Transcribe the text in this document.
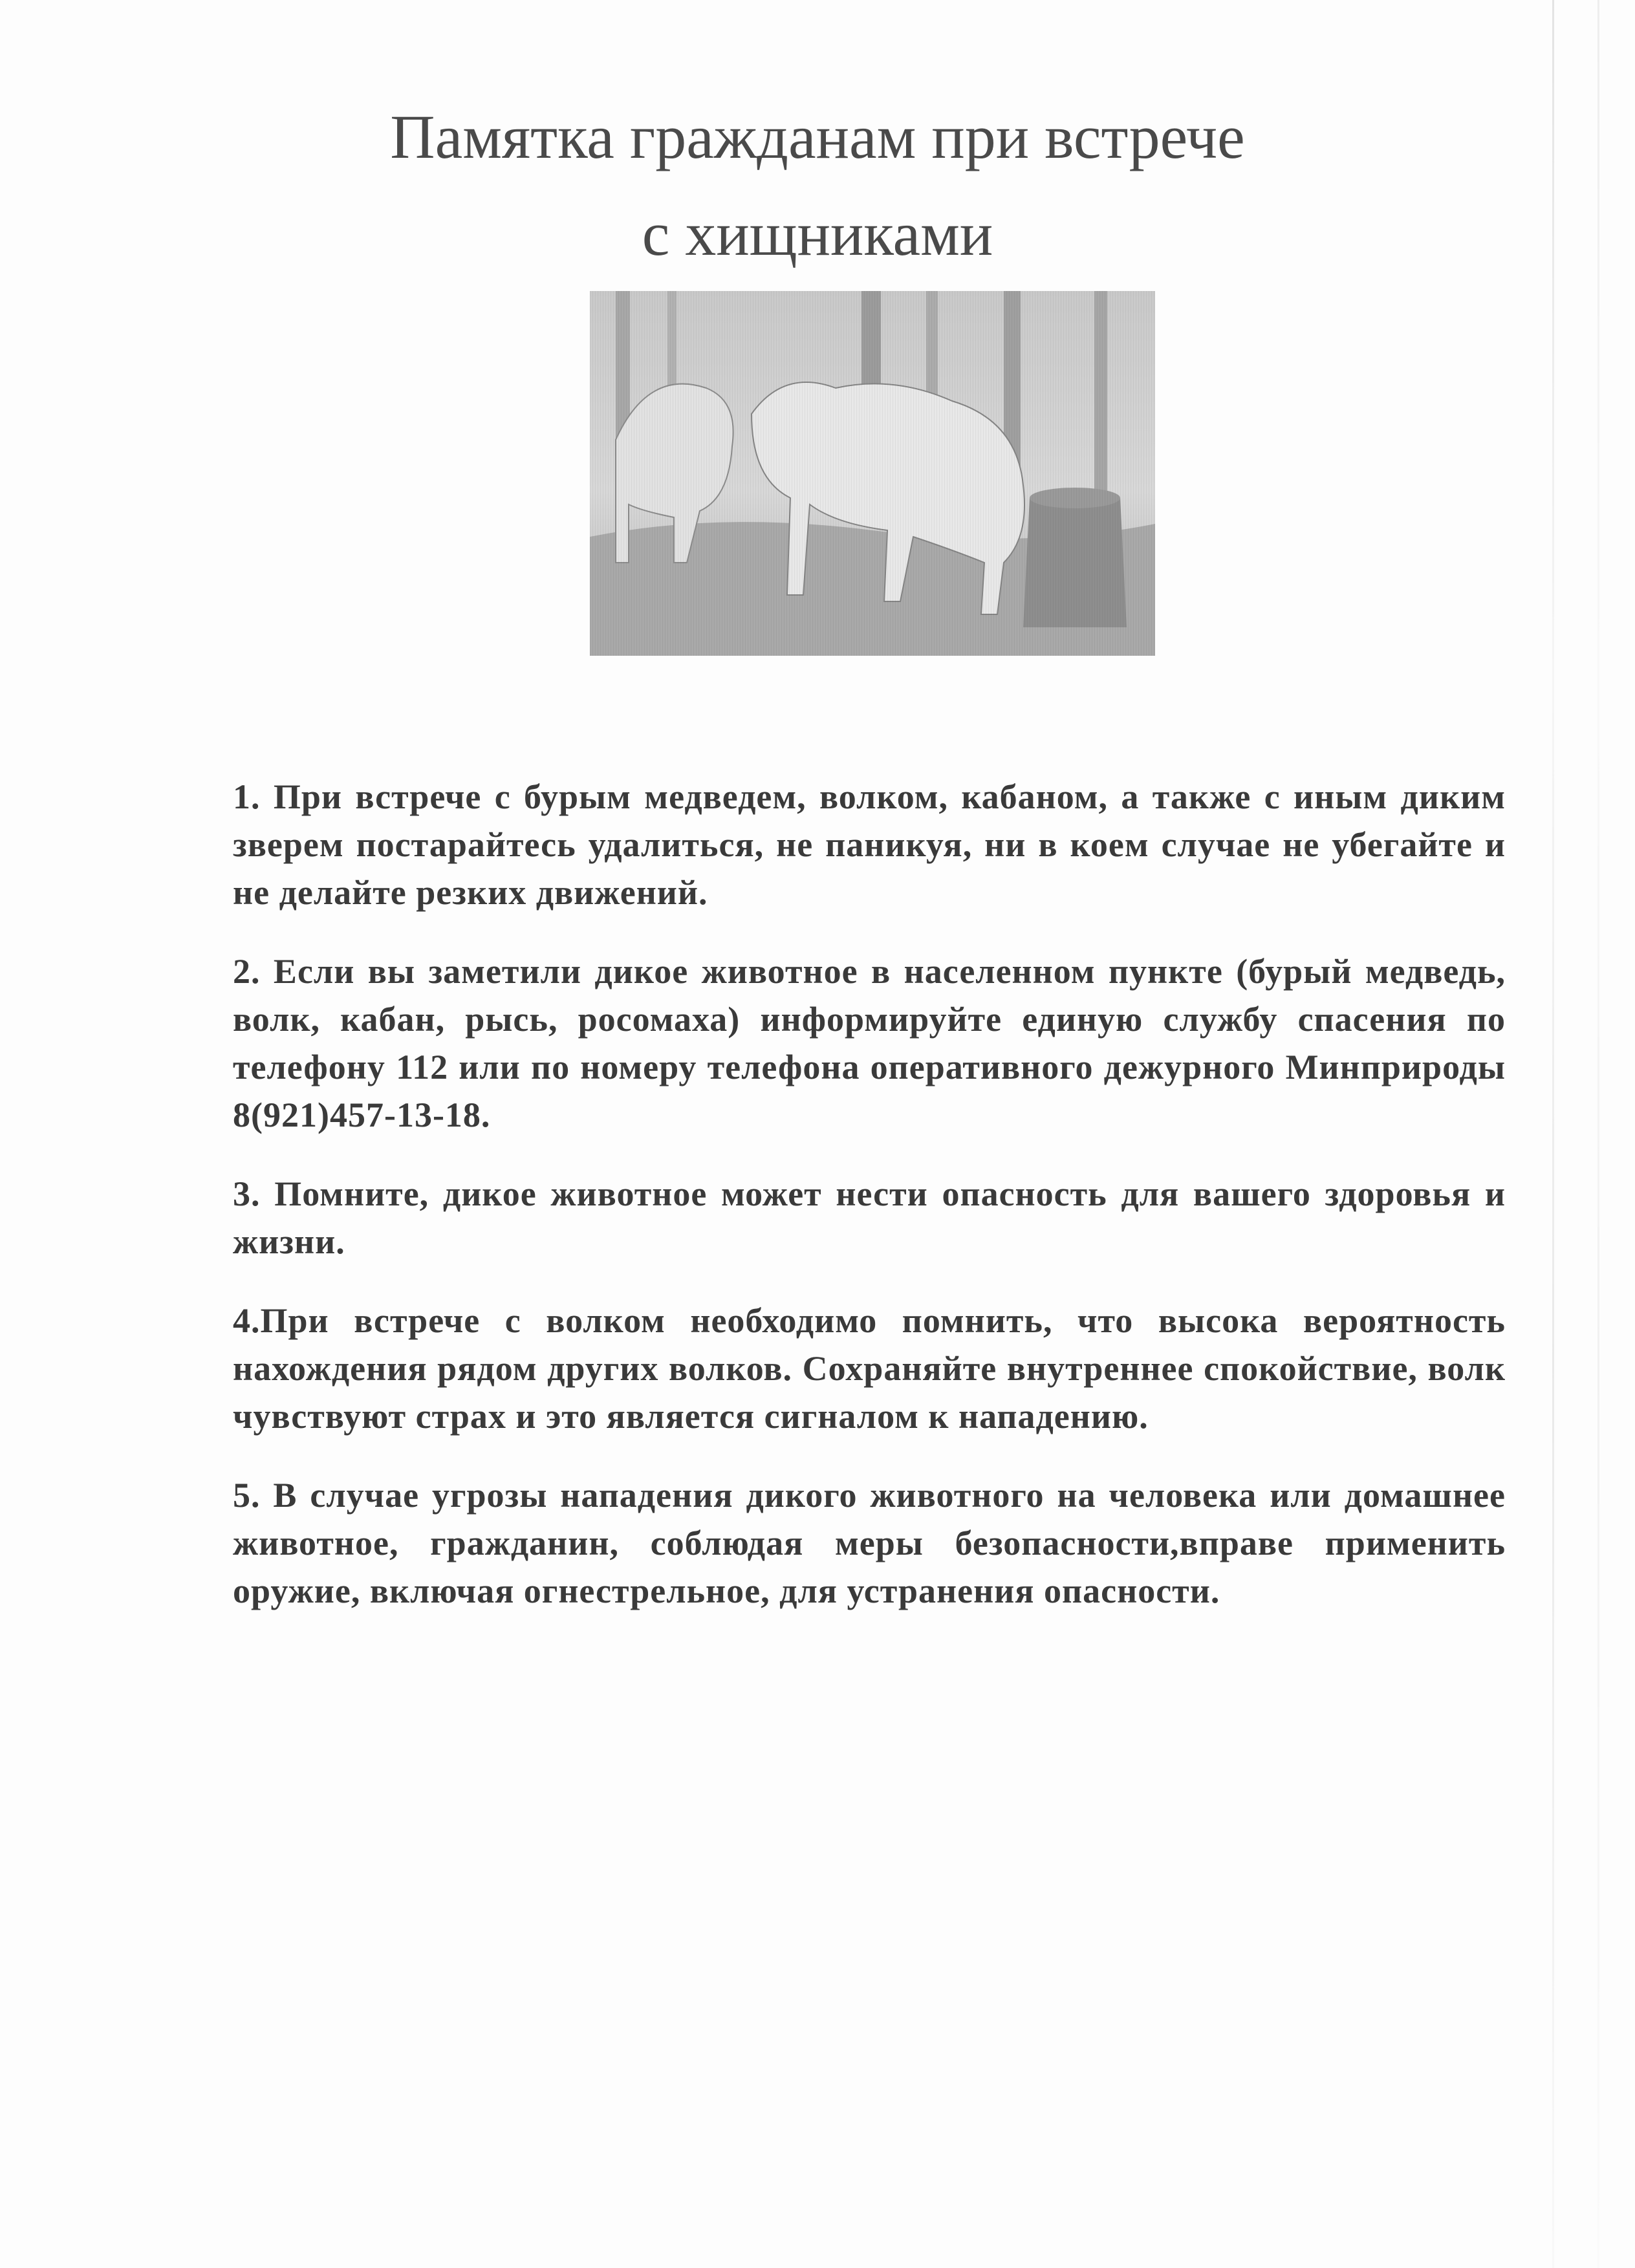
Памятка гражданам при встрече
с хищниками

1. При встрече с бурым медведем, волком, кабаном, а также с иным диким зверем постарайтесь удалиться, не паникуя, ни в коем случае не убегайте и не делайте резких движений.

2. Если вы заметили дикое животное в населенном пункте (бурый медведь, волк, кабан, рысь, росомаха) информируйте единую службу спасения по телефону 112 или по номеру телефона оперативного дежурного Минприроды 8(921)457-13-18.

3. Помните, дикое животное может нести опасность для вашего здоровья и жизни.

4.При встрече с волком необходимо помнить, что высока вероятность нахождения рядом других волков. Сохраняйте внутреннее спокойствие, волк чувствуют страх и это является сигналом к нападению.

5. В случае угрозы нападения дикого животного на человека или домашнее животное, гражданин, соблюдая меры безопасности,вправе применить оружие, включая огнестрельное, для устранения опасности.
